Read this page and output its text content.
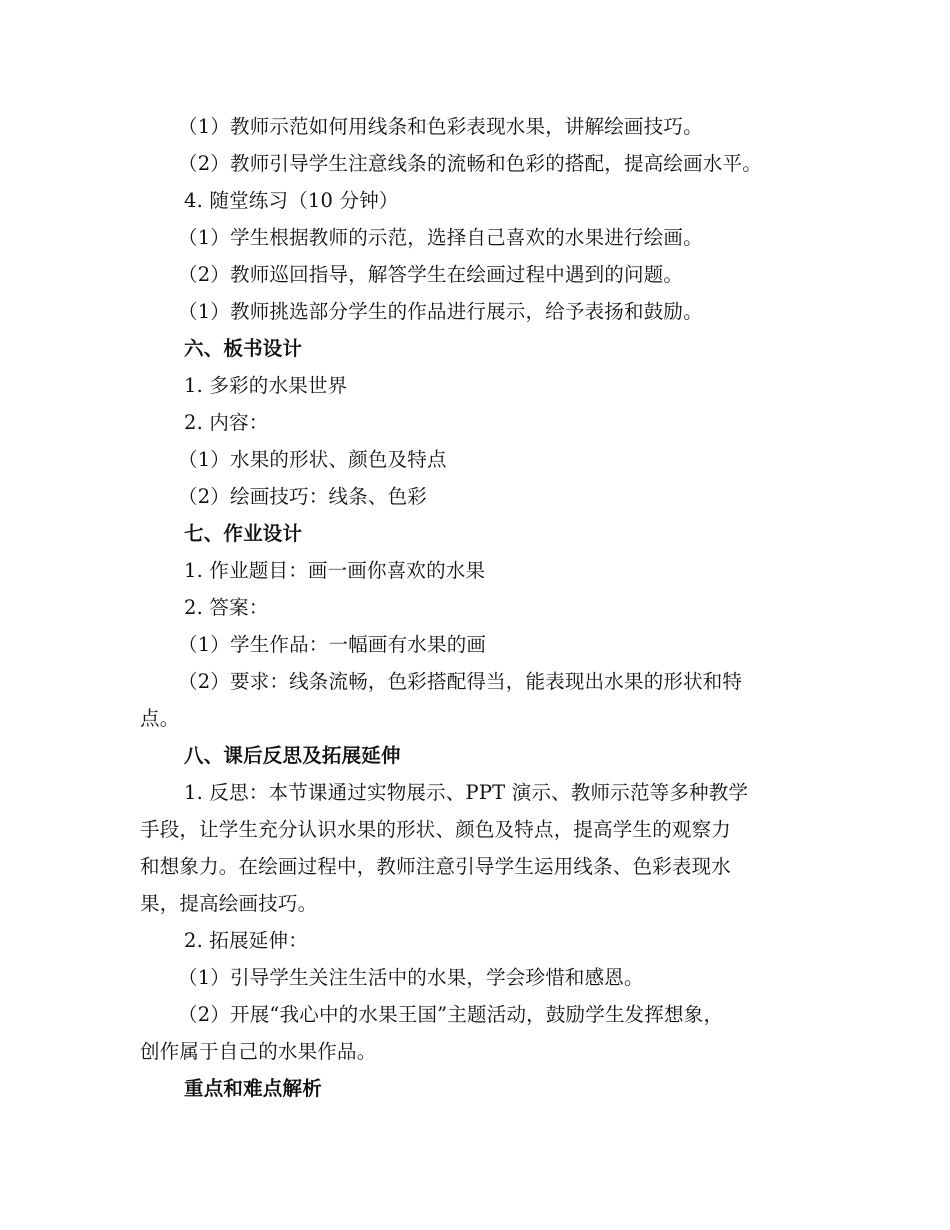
（1）教师示范如何用线条和色彩表现水果，讲解绘画技巧。
（2）教师引导学生注意线条的流畅和色彩的搭配，提高绘画水平。
4. 随堂练习（10 分钟）
（1）学生根据教师的示范，选择自己喜欢的水果进行绘画。
（2）教师巡回指导，解答学生在绘画过程中遇到的问题。
（1）教师挑选部分学生的作品进行展示，给予表扬和鼓励。
六、板书设计
1. 多彩的水果世界
2. 内容：
（1）水果的形状、颜色及特点
（2）绘画技巧：线条、色彩
七、作业设计
1. 作业题目：画一画你喜欢的水果
2. 答案：
（1）学生作品：一幅画有水果的画
（2）要求：线条流畅，色彩搭配得当，能表现出水果的形状和特
点。
八、课后反思及拓展延伸
1. 反思：本节课通过实物展示、PPT 演示、教师示范等多种教学
手段，让学生充分认识水果的形状、颜色及特点，提高学生的观察力
和想象力。在绘画过程中，教师注意引导学生运用线条、色彩表现水
果，提高绘画技巧。
2. 拓展延伸：
（1）引导学生关注生活中的水果，学会珍惜和感恩。
（2）开展“我心中的水果王国”主题活动，鼓励学生发挥想象，
创作属于自己的水果作品。
重点和难点解析
